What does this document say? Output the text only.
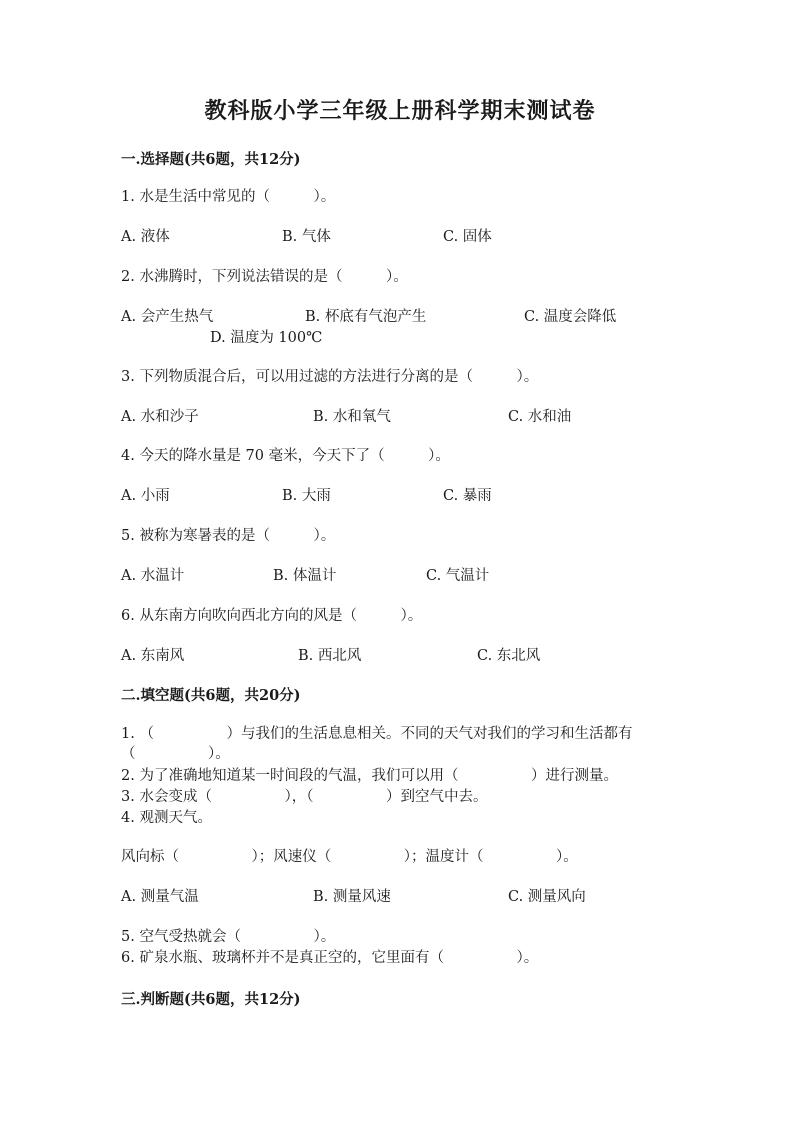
教科版小学三年级上册科学期末测试卷
一.选择题(共6题，共12分)
1. 水是生活中常见的（　　　）。
A. 液体	B. 气体	C. 固体
2. 水沸腾时，下列说法错误的是（　　　）。
A. 会产生热气	B. 杯底有气泡产生	C. 温度会降低
D. 温度为 100℃
3. 下列物质混合后，可以用过滤的方法进行分离的是（　　　）。
A. 水和沙子	B. 水和氧气	C. 水和油
4. 今天的降水量是 70 毫米，今天下了（　　　）。
A. 小雨	B. 大雨	C. 暴雨
5. 被称为寒暑表的是（　　　）。
A. 水温计	B. 体温计	C. 气温计
6. 从东南方向吹向西北方向的风是（　　　）。
A. 东南风	B. 西北风	C. 东北风
二.填空题(共6题，共20分)
1. （　　　　　）与我们的生活息息相关。不同的天气对我们的学习和生活都有
（　　　　　）。
2. 为了准确地知道某一时间段的气温，我们可以用（　　　　　）进行测量。
3. 水会变成（　　　　　），（　　　　　）到空气中去。
4. 观测天气。
风向标（　　　　　）；风速仪（　　　　　）；温度计（　　　　　）。
A. 测量气温	B. 测量风速	C. 测量风向
5. 空气受热就会（　　　　　）。
6. 矿泉水瓶、玻璃杯并不是真正空的，它里面有（　　　　　）。
三.判断题(共6题，共12分)
